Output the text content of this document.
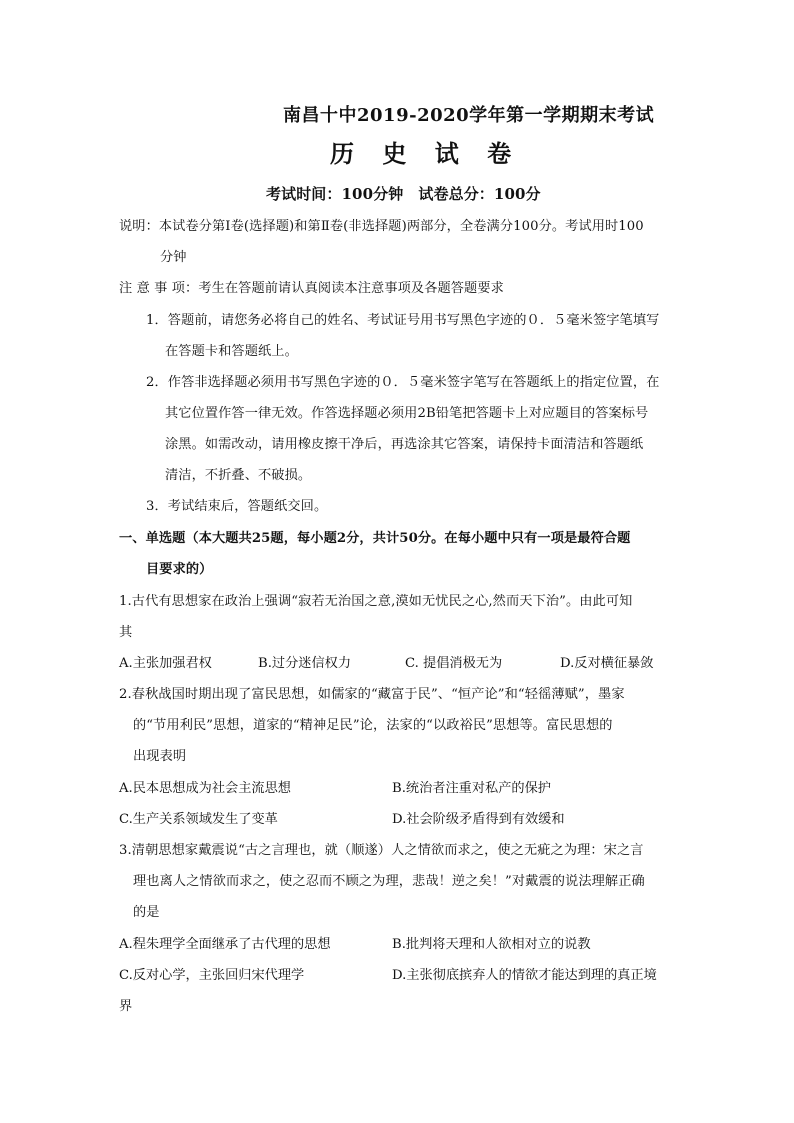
南昌十中2019-2020学年第一学期期末考试
历 史 试 卷
考试时间：100分钟　试卷总分：100分
说明：本试卷分第Ⅰ卷(选择题)和第Ⅱ卷(非选择题)两部分，全卷满分100分。考试用时100
分钟
注 意 事 项：考生在答题前请认真阅读本注意事项及各题答题要求
1．答题前，请您务必将自己的姓名、考试证号用书写黑色字迹的０．５毫米签字笔填写
在答题卡和答题纸上。
2．作答非选择题必须用书写黑色字迹的０．５毫米签字笔写在答题纸上的指定位置，在
其它位置作答一律无效。作答选择题必须用2B铅笔把答题卡上对应题目的答案标号
涂黑。如需改动，请用橡皮擦干净后，再选涂其它答案，请保持卡面清洁和答题纸
清洁，不折叠、不破损。
3．考试结束后，答题纸交回。
一、单选题（本大题共25题，每小题2分，共计50分。在每小题中只有一项是最符合题
目要求的）
1.古代有思想家在政治上强调“寂若无治国之意,漠如无忧民之心,然而天下治”。由此可知
其
A.主张加强君权	B.过分迷信权力	C. 提倡消极无为	D.反对横征暴敛
2.春秋战国时期出现了富民思想，如儒家的“藏富于民”、“恒产论”和“轻徭薄赋”，墨家
的“节用利民”思想，道家的“精神足民”论，法家的“以政裕民”思想等。富民思想的
出现表明
A.民本思想成为社会主流思想	B.统治者注重对私产的保护
C.生产关系领域发生了变革	D.社会阶级矛盾得到有效缓和
3.清朝思想家戴震说“古之言理也，就（顺遂）人之情欲而求之，使之无疵之为理：宋之言
理也离人之情欲而求之，使之忍而不顾之为理，悲哉！逆之矣！”对戴震的说法理解正确
的是
A.程朱理学全面继承了古代理的思想	B.批判将天理和人欲相对立的说教
C.反对心学，主张回归宋代理学	D.主张彻底摈弃人的情欲才能达到理的真正境
界
